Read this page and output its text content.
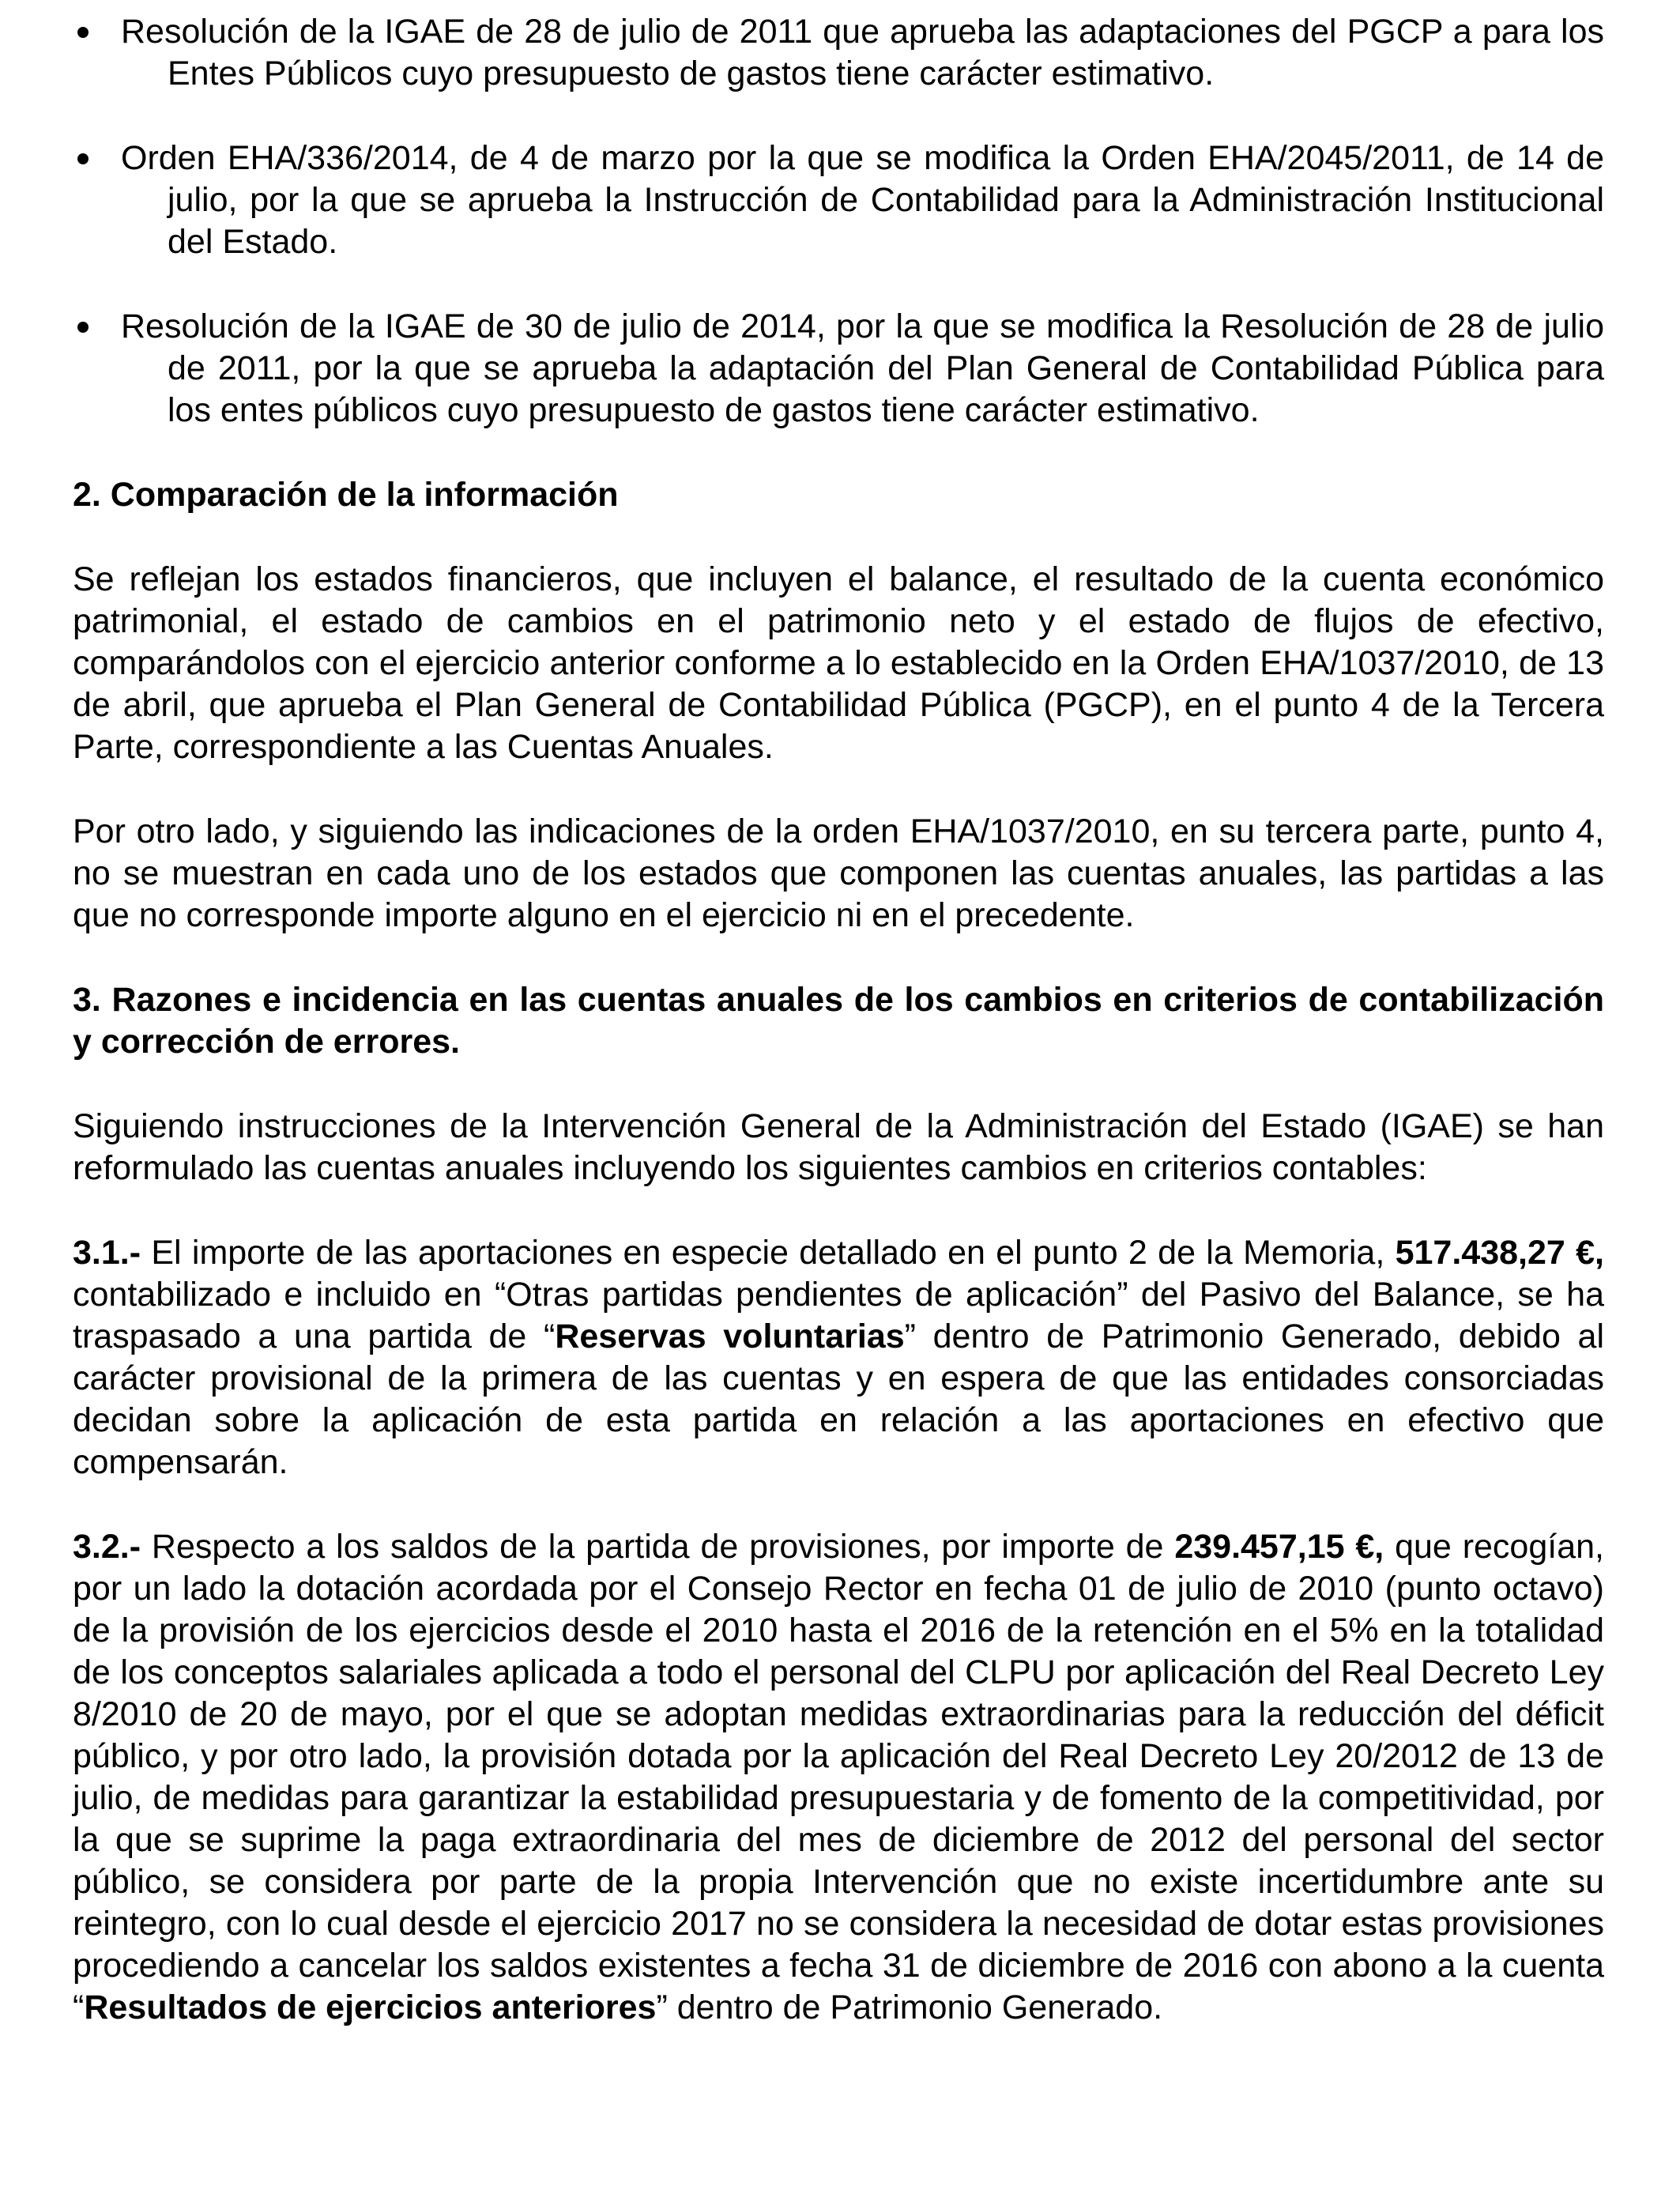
Resolución de la IGAE de 28 de julio de 2011 que aprueba las adaptaciones del PGCP a para los Entes Públicos cuyo presupuesto de gastos tiene carácter estimativo.
Orden EHA/336/2014, de 4 de marzo por la que se modifica la Orden EHA/2045/2011, de 14 de julio, por la que se aprueba la Instrucción de Contabilidad para la Administración Institucional del Estado.
Resolución de la IGAE de 30 de julio de 2014, por la que se modifica la Resolución de 28 de julio de 2011, por la que se aprueba la adaptación del Plan General de Contabilidad Pública para los entes públicos cuyo presupuesto de gastos tiene carácter estimativo.
2. Comparación de la información
Se reflejan los estados financieros, que incluyen el balance, el resultado de la cuenta económico patrimonial, el estado de cambios en el patrimonio neto y el estado de flujos de efectivo, comparándolos con el ejercicio anterior conforme a lo establecido en la Orden EHA/1037/2010, de 13 de abril, que aprueba el Plan General de Contabilidad Pública (PGCP), en el punto 4 de la Tercera Parte, correspondiente a las Cuentas Anuales.
Por otro lado, y siguiendo las indicaciones de la orden EHA/1037/2010, en su tercera parte, punto 4, no se muestran en cada uno de los estados que componen las cuentas anuales, las partidas a las que no corresponde importe alguno en el ejercicio ni en el precedente.
3. Razones e incidencia en las cuentas anuales de los cambios en criterios de contabilización y corrección de errores.
Siguiendo instrucciones de la Intervención General de la Administración del Estado (IGAE) se han reformulado las cuentas anuales incluyendo los siguientes cambios en criterios contables:
3.1.- El importe de las aportaciones en especie detallado en el punto 2 de la Memoria, 517.438,27 €, contabilizado e incluido en “Otras partidas pendientes de aplicación” del Pasivo del Balance, se ha traspasado a una partida de “Reservas voluntarias” dentro de Patrimonio Generado, debido al carácter provisional de la primera de las cuentas y en espera de que las entidades consorciadas decidan sobre la aplicación de esta partida en relación a las aportaciones en efectivo que compensarán.
3.2.- Respecto a los saldos de la partida de provisiones, por importe de 239.457,15 €, que recogían, por un lado la dotación acordada por el Consejo Rector en fecha 01 de julio de 2010 (punto octavo) de la provisión de los ejercicios desde el 2010 hasta el 2016 de la retención en el 5% en la totalidad de los conceptos salariales aplicada a todo el personal del CLPU por aplicación del Real Decreto Ley 8/2010 de 20 de mayo, por el que se adoptan medidas extraordinarias para la reducción del déficit público, y por otro lado, la provisión dotada por la aplicación del Real Decreto Ley 20/2012 de 13 de julio, de medidas para garantizar la estabilidad presupuestaria y de fomento de la competitividad, por la que se suprime la paga extraordinaria del mes de diciembre de 2012 del personal del sector público, se considera por parte de la propia Intervención que no existe incertidumbre ante su reintegro, con lo cual desde el ejercicio 2017 no se considera la necesidad de dotar estas provisiones procediendo a cancelar los saldos existentes a fecha 31 de diciembre de 2016 con abono a la cuenta “Resultados de ejercicios anteriores” dentro de Patrimonio Generado.
